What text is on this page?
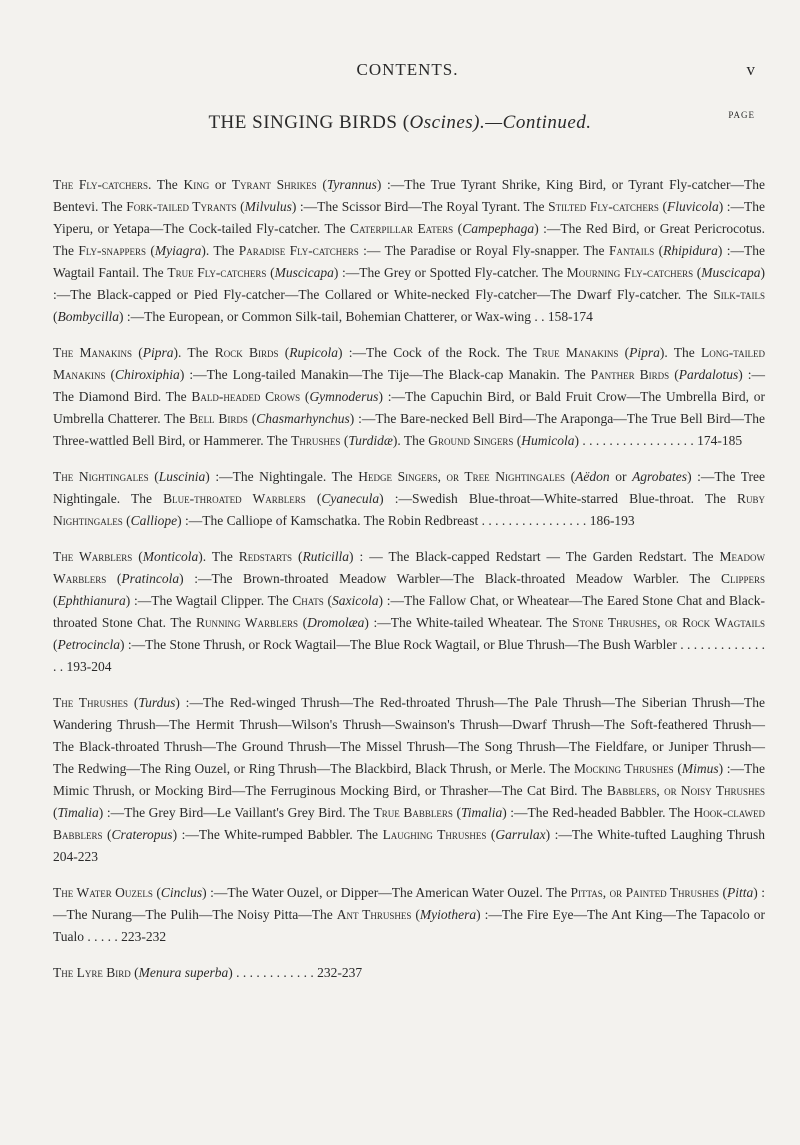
CONTENTS.	v
PAGE
THE SINGING BIRDS (Oscines).—Continued.

The Fly-catchers. The King or Tyrant Shrikes (Tyrannus) :—The True Tyrant Shrike, King Bird, or Tyrant Fly-catcher—The Bentevi. The Fork-tailed Tyrants (Milvulus) :—The Scissor Bird—The Royal Tyrant. The Stilted Fly-catchers (Fluvicola) :—The Yiperu, or Yetapa—The Cock-tailed Fly-catcher. The Caterpillar Eaters (Campephaga) :—The Red Bird, or Great Pericrocotus. The Fly-snappers (Myiagra). The Paradise Fly-catchers :— The Paradise or Royal Fly-snapper. The Fantails (Rhipidura) :—The Wagtail Fantail. The True Fly-catchers (Muscicapa) :—The Grey or Spotted Fly-catcher. The Mourning Fly-catchers (Muscicapa) :—The Black-capped or Pied Fly-catcher—The Collared or White-necked Fly-catcher—The Dwarf Fly-catcher. The Silk-tails (Bombycilla) :—The European, or Common Silk-tail, Bohemian Chatterer, or Wax-wing . . 158-174

The Manakins (Pipra). The Rock Birds (Rupicola) :—The Cock of the Rock. The True Manakins (Pipra). The Long-tailed Manakins (Chiroxiphia) :—The Long-tailed Manakin—The Tije—The Black-cap Manakin. The Panther Birds (Pardalotus) :—The Diamond Bird. The Bald-headed Crows (Gymnoderus) :—The Capuchin Bird, or Bald Fruit Crow—The Umbrella Bird, or Umbrella Chatterer. The Bell Birds (Chasmarhynchus) :—The Bare-necked Bell Bird—The Araponga—The True Bell Bird—The Three-wattled Bell Bird, or Hammerer. The Thrushes (Turdidæ). The Ground Singers (Humicola) . . . . . . . . . . . . . . . . . 174-185

The Nightingales (Luscinia) :—The Nightingale. The Hedge Singers, or Tree Nightingales (Aëdon or Agrobates) :—The Tree Nightingale. The Blue-throated Warblers (Cyanecula) :—Swedish Blue-throat—White-starred Blue-throat. The Ruby Nightingales (Calliope) :—The Calliope of Kamschatka. The Robin Redbreast . . . . . . . . . . . . . . . . 186-193

The Warblers (Monticola). The Redstarts (Ruticilla) : — The Black-capped Redstart — The Garden Redstart. The Meadow Warblers (Pratincola) :—The Brown-throated Meadow Warbler—The Black-throated Meadow Warbler. The Clippers (Ephthianura) :—The Wagtail Clipper. The Chats (Saxicola) :—The Fallow Chat, or Wheatear—The Eared Stone Chat and Black-throated Stone Chat. The Running Warblers (Dromolæa) :—The White-tailed Wheatear. The Stone Thrushes, or Rock Wagtails (Petrocincla) :—The Stone Thrush, or Rock Wagtail—The Blue Rock Wagtail, or Blue Thrush—The Bush Warbler . . . . . . . . . . . . . . . 193-204

The Thrushes (Turdus) :—The Red-winged Thrush—The Red-throated Thrush—The Pale Thrush—The Siberian Thrush—The Wandering Thrush—The Hermit Thrush—Wilson's Thrush—Swainson's Thrush—Dwarf Thrush—The Soft-feathered Thrush—The Black-throated Thrush—The Ground Thrush—The Missel Thrush—The Song Thrush—The Fieldfare, or Juniper Thrush—The Redwing—The Ring Ouzel, or Ring Thrush—The Blackbird, Black Thrush, or Merle. The Mocking Thrushes (Mimus) :—The Mimic Thrush, or Mocking Bird—The Ferruginous Mocking Bird, or Thrasher—The Cat Bird. The Babblers, or Noisy Thrushes (Timalia) :—The Grey Bird—Le Vaillant's Grey Bird. The True Babblers (Timalia) :—The Red-headed Babbler. The Hook-clawed Babblers (Crateropus) :—The White-rumped Babbler. The Laughing Thrushes (Garrulax) :—The White-tufted Laughing Thrush 204-223

The Water Ouzels (Cinclus) :—The Water Ouzel, or Dipper—The American Water Ouzel. The Pittas, or Painted Thrushes (Pitta) :—The Nurang—The Pulih—The Noisy Pitta—The Ant Thrushes (Myiothera) :—The Fire Eye—The Ant King—The Tapacolo or Tualo . . . . . 223-232

The Lyre Bird (Menura superba) . . . . . . . . . . . . 232-237
